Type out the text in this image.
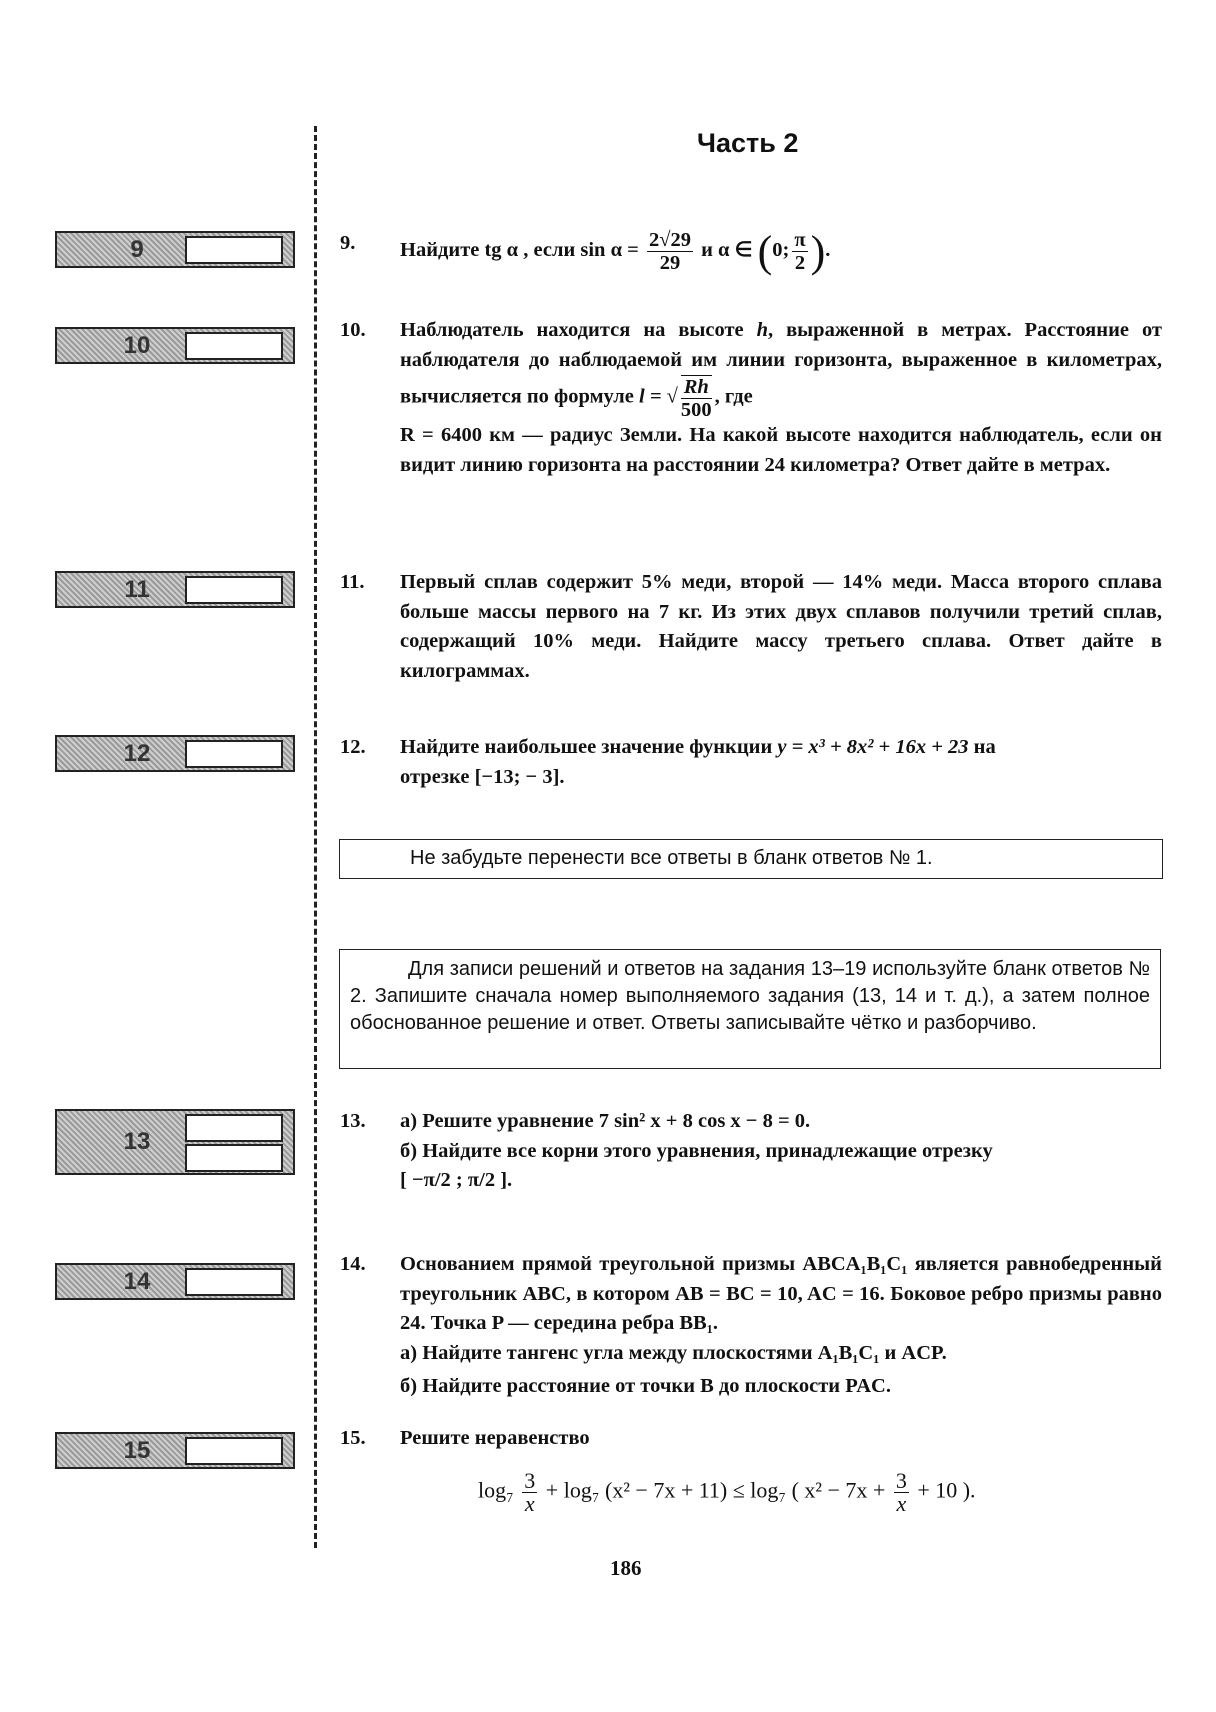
Часть 2
9
10
11
12
13
14
15
9. Найдите tg α , если $\sin \alpha = \frac{2√29}{29}$ и α ∈ (0; $\frac{\pi}{2}$ ).
10. Наблюдатель находится на высоте h, выраженной в метрах. Расстояние от наблюдателя до наблюдаемой им линии горизонта, выраженное в километрах, вычисляется по формуле l = √ $\frac{Rh}{500}$ , где
R = 6400 км — радиус Земли. На какой высоте находится наблюдатель, если он видит линию горизонта на расстоянии 24 километра? Ответ дайте в метрах.
11. Первый сплав содержит 5% меди, второй — 14% меди. Масса второго сплава больше массы первого на 7 кг. Из этих двух сплавов получили третий сплав, содержащий 10% меди. Найдите массу третьего сплава. Ответ дайте в килограммах.
12. Найдите наибольшее значение функции y = x³ + 8x² + 16x + 23 на
отрезке [−13; − 3].
Не забудьте перенести все ответы в бланк ответов № 1.

Для записи решений и ответов на задания 13–19 используйте бланк ответов № 2. Запишите сначала номер выполняемого задания (13, 14 и т. д.), а затем полное обоснованное решение и ответ. Ответы записывайте чётко и разборчиво.

13. а) Решите уравнение 7 sin² x + 8 cos x − 8 = 0.
б) Найдите все корни этого уравнения, принадлежащие отрезку
[ −π/2 ; π/2 ].
14. Основанием прямой треугольной призмы ABCA₁B₁C₁ является равнобедренный треугольник ABC, в котором AB = BC = 10, AC = 16. Боковое ребро призмы равно 24. Точка P — середина ребра BB₁.
а) Найдите тангенс угла между плоскостями A₁B₁C₁ и ACP.
б) Найдите расстояние от точки B до плоскости PAC.
15. Решите неравенство
$\log_7 \frac{3}{x} + \log_7$ (x² − 7x + 11) ≤ log₇ ( $x^2 - 7x + \frac{3}{x} + 10$ ).
186
